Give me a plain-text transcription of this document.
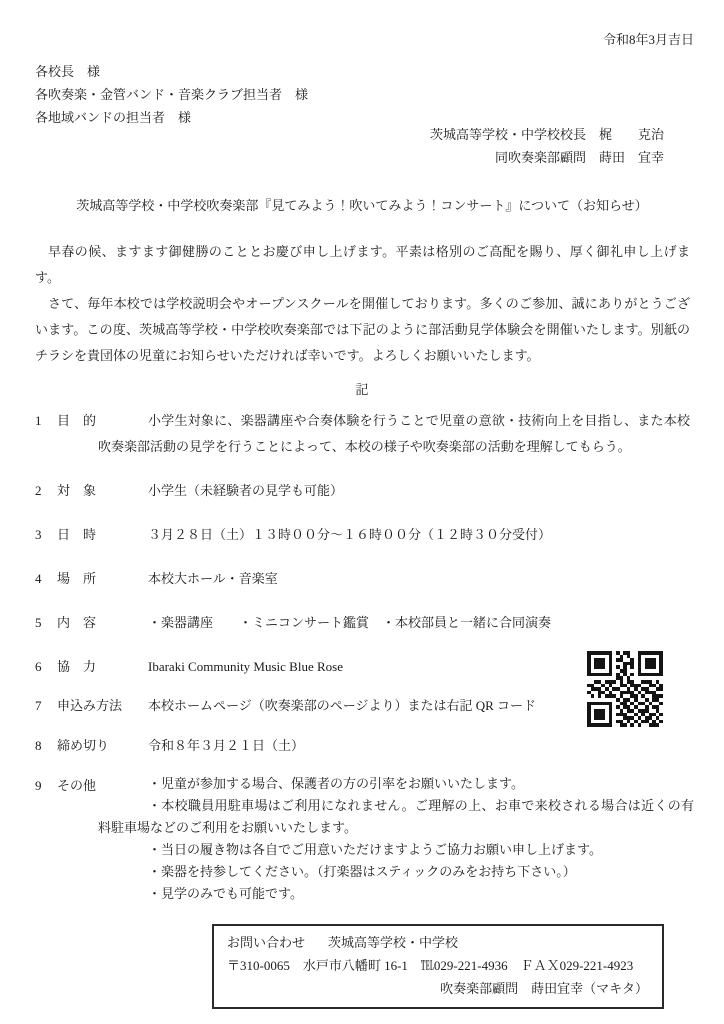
令和8年3月吉日
各校長　様
各吹奏楽・金管バンド・音楽クラブ担当者　様
各地域バンドの担当者　様
茨城高等学校・中学校校長　梶　　克治
同吹奏楽部顧問　蒔田　宜幸
茨城高等学校・中学校吹奏楽部『見てみよう！吹いてみよう！コンサート』について（お知らせ）

早春の候、ますます御健勝のこととお慶び申し上げます。平素は格別のご高配を賜り、厚く御礼申し上げます。

さて、毎年本校では学校説明会やオープンスクールを開催しております。多くのご参加、誠にありがとうございます。この度、茨城高等学校・中学校吹奏楽部では下記のように部活動見学体験会を開催いたします。別紙のチラシを貴団体の児童にお知らせいただければ幸いです。よろしくお願いいたします。

記
1 目　的	小学生対象に、楽器講座や合奏体験を行うことで児童の意欲・技術向上を目指し、また本校吹奏楽部活動の見学を行うことによって、本校の様子や吹奏楽部の活動を理解してもらう。
2 対　象	小学生（未経験者の見学も可能）
3 日　時	３月２８日（土）１３時００分～１６時００分（１２時３０分受付）
4 場　所	本校大ホール・音楽室
5 内　容	・楽器講座　　・ミニコンサート鑑賞　・本校部員と一緒に合同演奏
6 協　力	Ibaraki Community Music Blue Rose
7 申込み方法 本校ホームページ（吹奏楽部のページより）または右記 QR コード
8 締め切り	令和８年３月２１日（土）
9 その他	・児童が参加する場合、保護者の方の引率をお願いいたします。
・本校職員用駐車場はご利用になれません。ご理解の上、お車で来校される場合は近くの有料駐車場などのご利用をお願いいたします。
・当日の履き物は各自でご用意いただけますようご協力お願い申し上げます。
・楽器を持参してください。（打楽器はスティックのみをお持ち下さい。）
・見学のみでも可能です。
お問い合わせ 茨城高等学校・中学校
〒310-0065　水戸市八幡町 16-1　℡029-221-4936　ＦＡＸ029-221-4923
吹奏楽部顧問　蒔田宜幸（マキタ）
